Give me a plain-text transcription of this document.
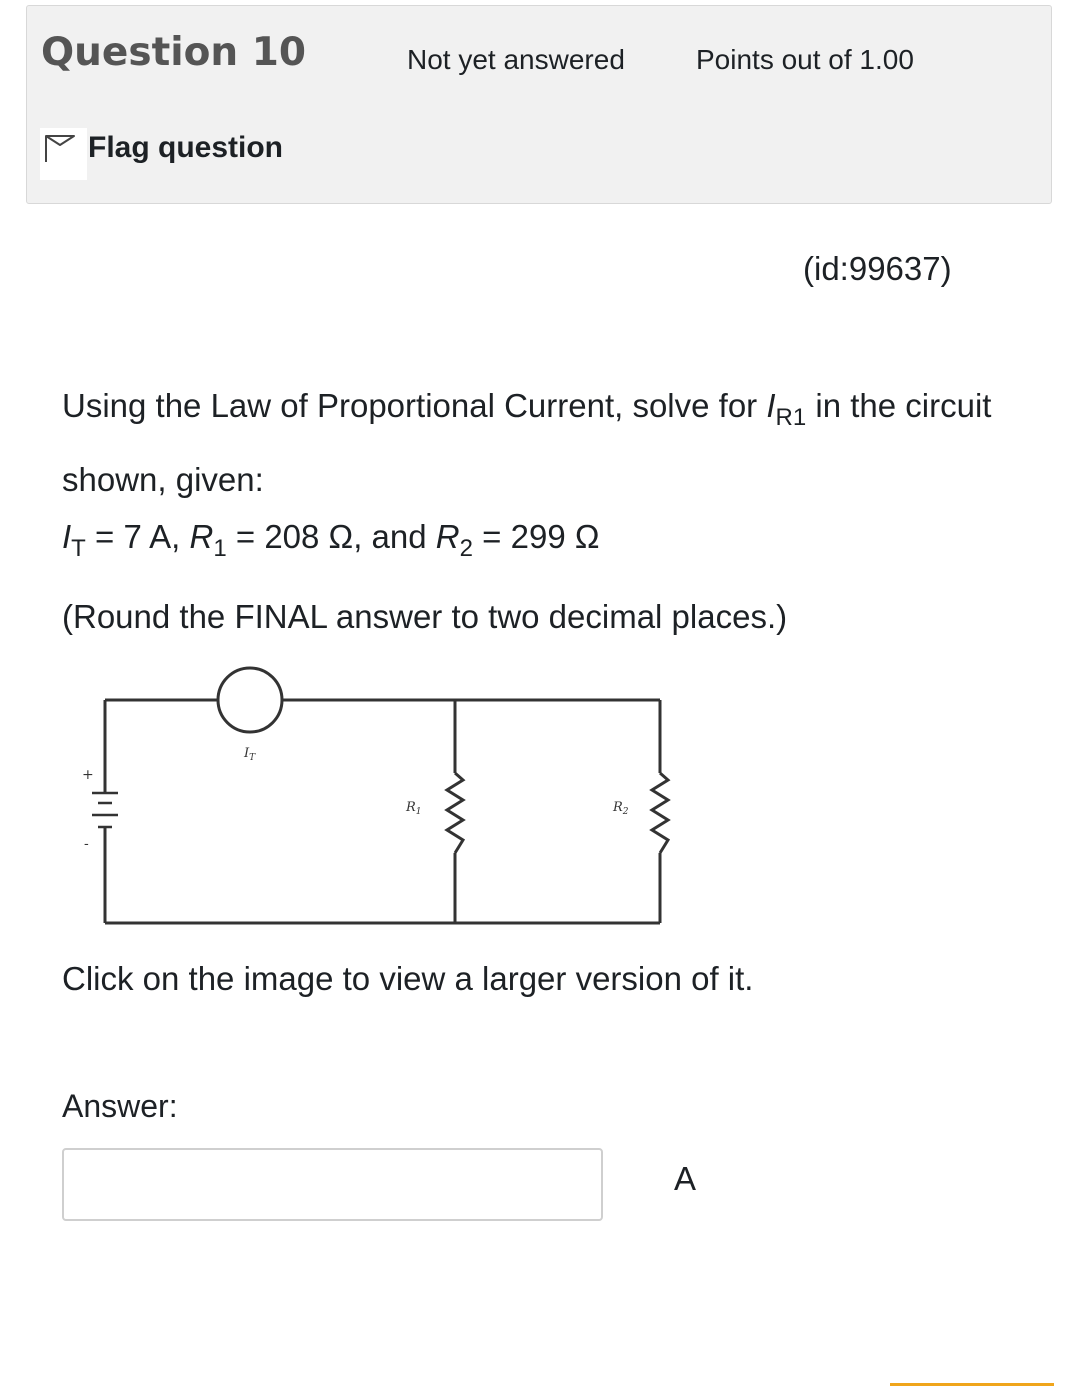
Question 10	Not yet answered	Points out of 1.00
Flag question
(id:99637)
Using the Law of Proportional Current, solve for $I_{R1}$ in the circuit shown, given:
$I_T = 7$ A, $R_1 = 208$ Ω, and $R_2 = 299$ Ω
(Round the FINAL answer to two decimal places.)
+
-
$I_T$
$R_1$	$R_2$
Click on the image to view a larger version of it.
Answer:
A
